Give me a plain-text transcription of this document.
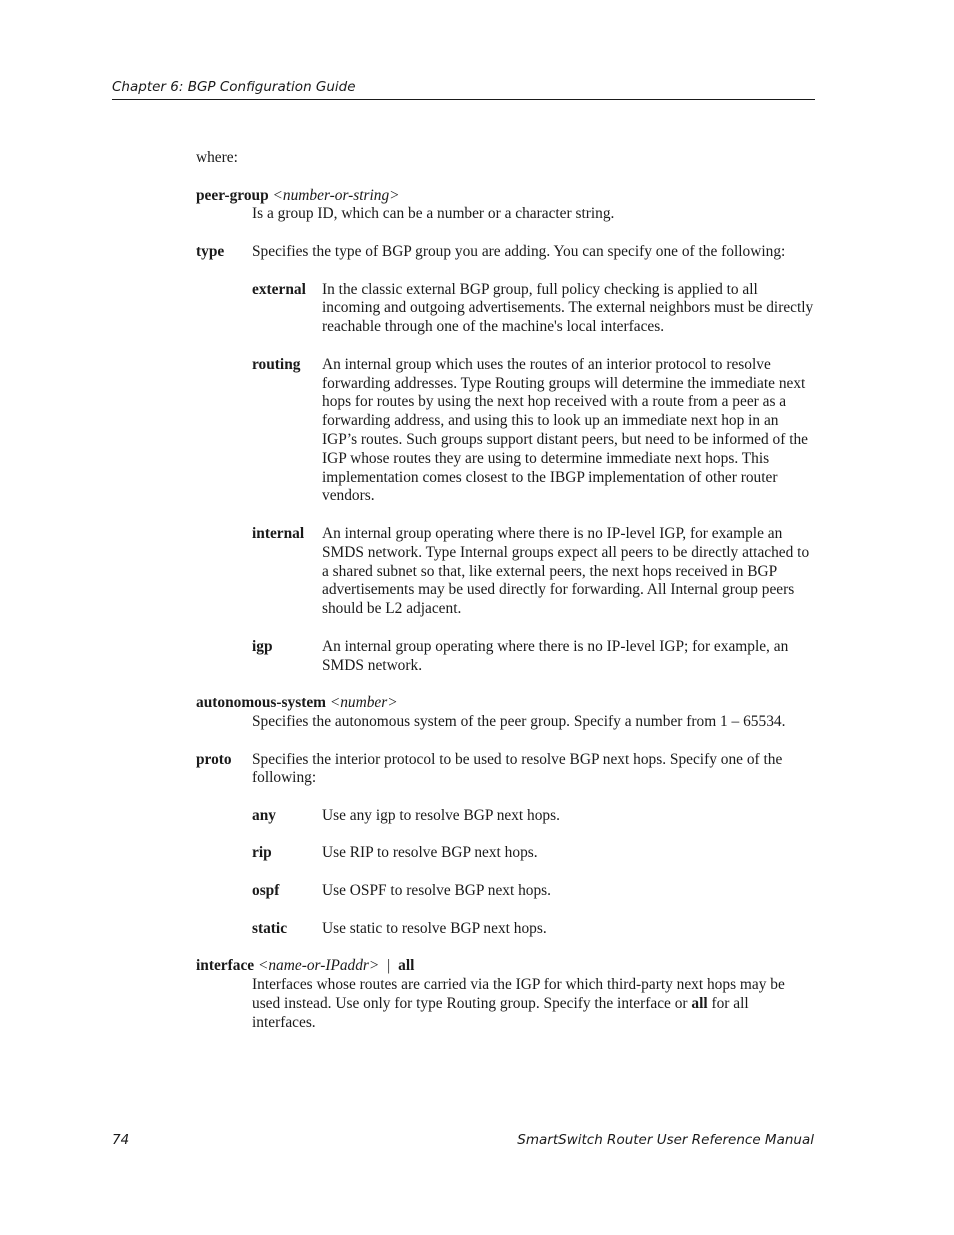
Chapter 6: BGP Configuration Guide

where:

peer-group <number-or-string>

Is a group ID, which can be a number or a character string.

type	Specifies the type of BGP group you are adding. You can specify one of the following:
external	In the classic external BGP group, full policy checking is applied to all incoming and outgoing advertisements. The external neighbors must be directly reachable through one of the machine's local interfaces.
routing	An internal group which uses the routes of an interior protocol to resolve forwarding addresses. Type Routing groups will determine the immediate next hops for routes by using the next hop received with a route from a peer as a forwarding address, and using this to look up an immediate next hop in an IGP’s routes. Such groups support distant peers, but need to be informed of the IGP whose routes they are using to determine immediate next hops. This implementation comes closest to the IBGP implementation of other router vendors.
internal	An internal group operating where there is no IP-level IGP, for example an SMDS network. Type Internal groups expect all peers to be directly attached to a shared subnet so that, like external peers, the next hops received in BGP advertisements may be used directly for forwarding. All Internal group peers should be L2 adjacent.
igp	An internal group operating where there is no IP-level IGP; for example, an SMDS network.

autonomous-system <number>

Specifies the autonomous system of the peer group. Specify a number from 1 – 65534.

proto	Specifies the interior protocol to be used to resolve BGP next hops. Specify one of the following:
any	Use any igp to resolve BGP next hops.
rip	Use RIP to resolve BGP next hops.
ospf	Use OSPF to resolve BGP next hops.
static	Use static to resolve BGP next hops.

interface <name-or-IPaddr> | all

Interfaces whose routes are carried via the IGP for which third-party next hops may be used instead. Use only for type Routing group. Specify the interface or all for all interfaces.

74	SmartSwitch Router User Reference Manual
